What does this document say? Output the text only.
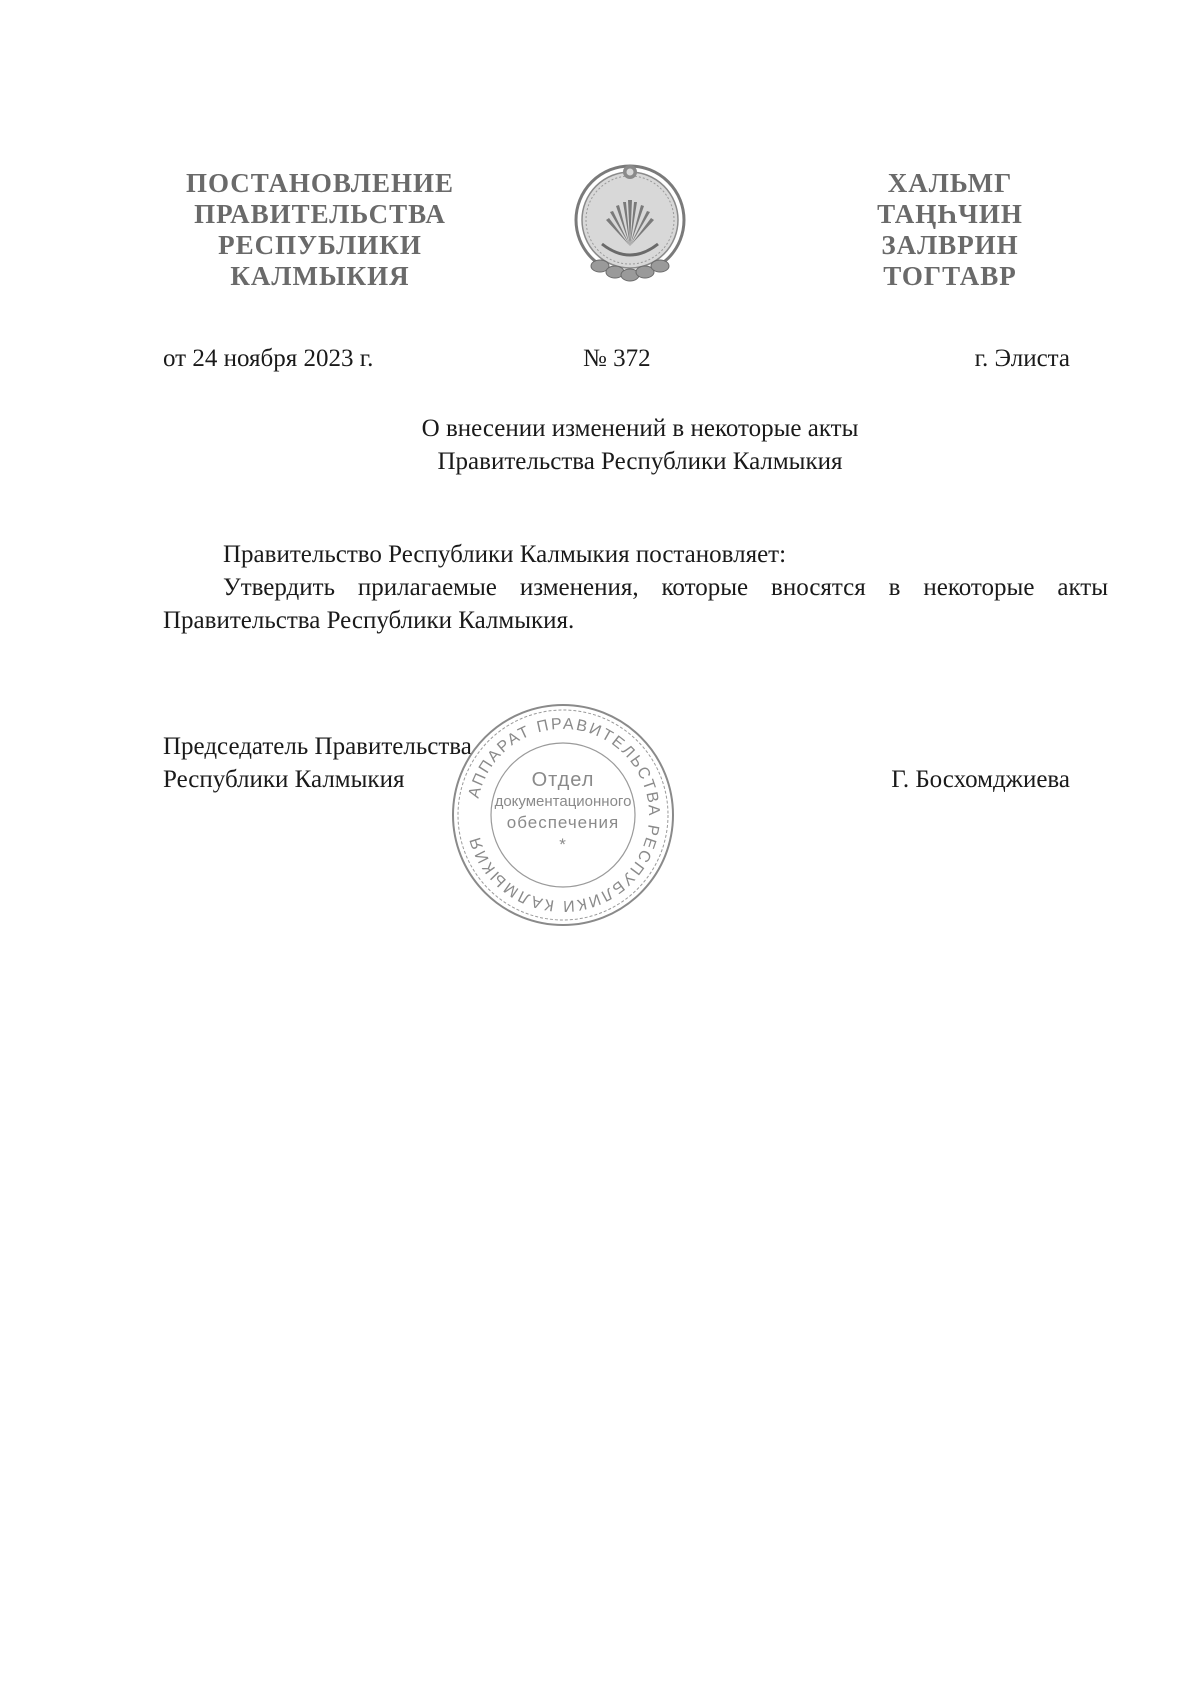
ПОСТАНОВЛЕНИЕ
ПРАВИТЕЛЬСТВА
РЕСПУБЛИКИ
КАЛМЫКИЯ
ХАЛЬМГ
ТАҢҺЧИН
ЗАЛВРИН
ТОГТАВР
от 24 ноября 2023 г.	№ 372	г. Элиста
О внесении изменений в некоторые акты
Правительства Республики Калмыкия

Правительство Республики Калмыкия постановляет:

Утвердить прилагаемые изменения, которые вносятся в некоторые акты Правительства Республики Калмыкия.

Председатель Правительства
Республики Калмыкия	АППАРАТ ПРАВИТЕЛЬСТВА РЕСПУБЛИКИ КАЛМЫКИЯ
Отдел
документационного
обеспечения
*
Г. Босхомджиева
